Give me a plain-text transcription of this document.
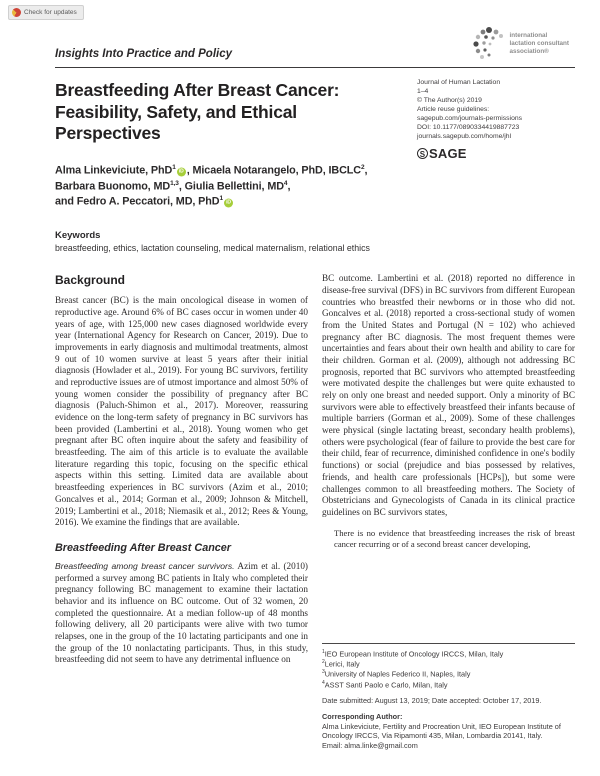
Check for updates
Insights Into Practice and Policy
international
lactation consultant
association®
Breastfeeding After Breast Cancer: Feasibility, Safety, and Ethical Perspectives
Alma Linkeviciute, PhD$^1$iD , Micaela Notarangelo, PhD, IBCLC$^2$,
Barbara Buonomo, MD$^{1,3}$, Giulia Bellettini, $MD^4$,
and Fedro A. Peccatori, MD, PhD$^1$iD
Journal of Human Lactation
1–4
© The Author(s) 2019
Article reuse guidelines:
sagepub.com/journals-permissions
DOI: 10.1177/0890334419887723
journals.sagepub.com/home/jhl
S SAGE
Keywords
breastfeeding, ethics, lactation counseling, medical maternalism, relational ethics
Background

Breast cancer (BC) is the main oncological disease in women of reproductive age. Around 6% of BC cases occur in women under 40 years of age, with 125,000 new cases diagnosed worldwide every year (International Agency for Research on Cancer, 2019). Due to improvements in early diagnosis and multimodal treatments, almost 9 out of 10 women survive at least 5 years after their initial diagnosis (Howlader et al., 2019). For young BC survivors, fertility and reproductive issues are of utmost importance and almost 50% of young women consider the possibility of pregnancy after BC diagnosis (Paluch-Shimon et al., 2017). Moreover, reassuring evidence on the long-term safety of pregnancy in BC survivors has been provided (Lambertini et al., 2018). Young women who get pregnant after BC often inquire about the safety and feasibility of breastfeeding. The aim of this article is to evaluate the available literature regarding this topic, focusing on the specific ethical aspects within this setting. Limited data are available about breastfeeding experiences in BC survivors (Azim et al., 2010; Goncalves et al., 2014; Gorman et al., 2009; Johnson & Mitchell, 2019; Lambertini et al., 2018; Niemasik et al., 2012; Rees & Young, 2016). We examine the findings that are available.

Breastfeeding After Breast Cancer

Breastfeeding among breast cancer survivors. Azim et al. (2010) performed a survey among BC patients in Italy who completed their pregnancy following BC management to examine their lactation behavior and its influence on BC outcome. Out of 32 women, 20 completed the questionnaire. At a median follow-up of 48 months following delivery, all 20 participants were alive with two tumor relapses, one in the group of the 10 lactating participants and one in the group of the 10 nonlactating participants. Thus, in this study, breastfeeding did not seem to have any detrimental influence on

BC outcome. Lambertini et al. (2018) reported no difference in disease-free survival (DFS) in BC survivors from different European countries who breastfed their newborns or in those who did not. Goncalves et al. (2018) reported a cross-sectional study of women from the United States and Portugal (N = 102) who achieved pregnancy after BC diagnosis. The most frequent themes were uncertainties and fears about their own health and ability to care for their children. Gorman et al. (2009), although not addressing BC prognosis, reported that BC survivors who attempted breastfeeding were motivated despite the challenges but were quite exhausted to rely on only one breast and needed support. Only a minority of BC survivors were able to effectively breastfeed their infants because of multiple barriers (Gorman et al., 2009). Some of these challenges were physical (single lactating breast, secondary health problems), others were psychological (fear of failure to provide the best care for their child, fear of recurrence, diminished confidence in one's bodily functions) or social (prejudice and bias possessed by relatives, friends, and health care professionals [HCPs]), but some were challenges common to all breastfeeding mothers. The Society of Obstetricians and Gynecologists of Canada in its clinical practice guidelines on BC survivors states,

There is no evidence that breastfeeding increases the risk of breast cancer recurring or of a second breast cancer developing,

$^1$IEO European Institute of Oncology IRCCS, Milan, Italy
$^2$Lerici, Italy
$^3$University of Naples Federico II, Naples, Italy
$^4$ASST Santi Paolo e Carlo, Milan, Italy
Date submitted: August 13, 2019; Date accepted: October 17, 2019.
Corresponding Author:
Alma Linkeviciute, Fertility and Procreation Unit, IEO European Institute of Oncology IRCCS, Via Ripamonti 435, Milan, Lombardia 20141, Italy.
Email: alma.linke@gmail.com
